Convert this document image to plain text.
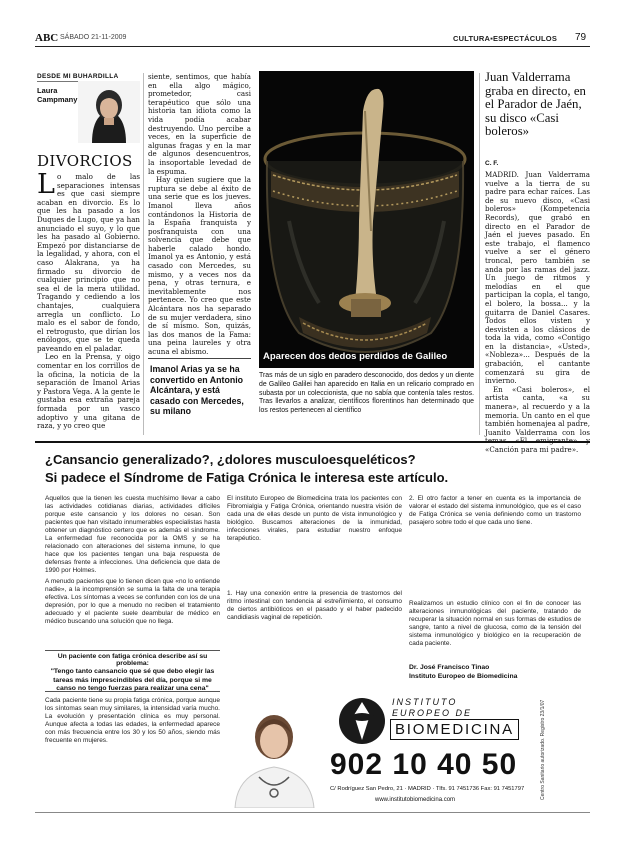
ABC SÁBADO 21-11-2009	CULTURA▪ESPECTÁCULOS 79
DESDE MI BUHARDILLA
Laura Campmany
DIVORCIOS
Lo malo de las separaciones intensas es que casi siempre acaban en divorcio. Es lo que les ha pasado a los Duques de Lugo, que ya han anunciado el suyo, y lo que les ha pasado al Gobierno. Empezó por distanciarse de la legalidad, y ahora, con el caso Alakrana, ya ha firmado su divorcio de cualquier principio que no sea el de la mera utilidad. Tragando y cediendo a los chantajes, cualquiera arregla un conflicto. Lo malo es el sabor de fondo, el retrogusto, que dirían los enólogos, que se te queda paveando en el paladar.
Leo en la Prensa, y oigo comentar en los corrillos de la oficina, la noticia de la separación de Imanol Arias y Pastora Vega. A la gente le gustaba esa extraña pareja formada por un vasco adoptivo y una gitana de raza, y yo creo que
siente, sentimos, que había en ella algo mágico, prometedor, casi terapéutico que sólo una historia tan idiota como la vida podía acabar destruyendo. Uno percibe a veces, en la superficie de algunas fragas y en la mar de algunos desencuentros, la insoportable levedad de la espuma.
Hay quien sugiere que la ruptura se debe al éxito de una serie que es los jueves. Imanol lleva años contándonos la Historia de la España franquista y posfranquista con una solvencia que debe que haberle calado hondo. Imanol ya es Antonio, y está casado con Mercedes, su mismo, y a veces nos da pena, y otras ternura, e inevitablemente nos pertenece. Yo creo que este Alcántara nos ha separado de su mujer verdadera, sino de sí mismo. Son, quizás, las dos manos de la Fama: una peina laureles y otra acuna el abismo.
Imanol Arias ya se ha convertido en Antonio Alcántara, y está casado con Mercedes, su milano
Aparecen dos dedos perdidos de Galileo
Tras más de un siglo en paradero desconocido, dos dedos y un diente de Galileo Galilei han aparecido en Italia en un relicario comprado en subasta por un coleccionista, que no sabía que contenía tales restos. Tras llevarlos a analizar, científicos florentinos han determinado que los restos pertenecen al científico
Juan Valderrama graba en directo, en el Parador de Jaén, su disco «Casi boleros»
C. F.
MADRID. Juan Valderrama vuelve a la tierra de su padre para echar raíces. Las de su nuevo disco, «Casi boleros» (Kompetencia Records), que grabó en directo en el Parador de Jaén el jueves pasado. En este trabajo, el flamenco vuelve a ser el género troncal, pero también se anda por las ramas del jazz. Un juego de ritmos y melodías en el que participan la copla, el tango, el bolero, la bossa... y la guitarra de Daniel Casares. Todos ellos visten y desvisten a los clásicos de toda la vida, como «Contigo en la distancia», «Usted», «Nobleza»... Después de la grabación, el cantante comenzará su gira de invierno.
En «Casi boleros», el artista canta, «a su manera», al recuerdo y a la memoria. Un canto en el que también homenajea al padre, Juanito Valderrama con los «Canción para mi padre».
¿Cansancio generalizado?, ¿dolores musculoesqueléticos?
Si padece el Síndrome de Fatiga Crónica le interesa este artículo.
Aquellos que la tienen les cuesta muchísimo llevar a cabo las actividades cotidianas diarias, actividades difíciles porque este cansancio y los dolores no cesan. Son pacientes que han visitado innumerables especialistas hasta obtener un diagnóstico certero que es además el síndrome. La enfermedad fue reconocida por la OMS y se ha relacionado con alteraciones del sistema inmune, lo que hace que los pacientes tengan una baja respuesta de defensas frente a infecciones. Una deficiencia que data de 1990 por Holmes.
A menudo pacientes que lo tienen dicen que «no lo entiende nadie», a la incomprensión se suma la falta de una terapia efectiva. Los síntomas a veces se confunden con los de una depresión, por lo que a menudo no reciben el tratamiento adecuado y el paciente suele deambular de médico en médico buscando una solución que no llega.
Un paciente con fatiga crónica describe así su problema:
"Tengo tanto cansancio que sé que debo elegir las tareas más imprescindibles del día, porque si me canso no tengo fuerzas para realizar una cena"
Cada paciente tiene su propia fatiga crónica, porque aunque los síntomas sean muy similares, la intensidad varía mucho. La evolución y presentación clínica es muy personal. Aunque afecta a todas las edades, la enfermedad aparece con más frecuencia entre los 30 y los 50 años, siendo más frecuente en mujeres.
El instituto Europeo de Biomedicina trata los pacientes con Fibromialgia y Fatiga Crónica, orientando nuestra visión de cada una de ellas desde un punto de vista inmunológico y biológico. Buscamos alteraciones de la inmunidad, infecciones virales, para estudiar nuestro enfoque terapéutico.
1. Hay una conexión entre la presencia de trastornos del ritmo intestinal con tendencia al estreñimiento, el consumo de ciertos antibióticos en el pasado y el haber padecido candidiasis vaginal de repetición.
2. El otro factor a tener en cuenta es la importancia de valorar el estado del sistema inmunológico, que es el caso de Fatiga Crónica se venía definiendo como un trastorno pasajero sobre todo el que cada uno tiene.
Realizamos un estudio clínico con el fin de conocer las alteraciones inmunológicas del paciente, tratando de recuperar la situación normal en sus formas de estudios de sangre, tanto a nivel de glucosa, como de la tensión del sistema inmunológico y biológico en la recuperación de cada paciente.
Dr. José Francisco Tinao
Instituto Europeo de Biomedicina
INSTITUTO
EUROPEO DE
BIOMEDICINA
902 10 40 50
C/ Rodríguez San Pedro, 21 · MADRID · Tlfs. 91 7451736 Fax: 91 7451797
www.institutobiomedicina.com	Centro Sanitario autorizado. Registro 23/1/07
